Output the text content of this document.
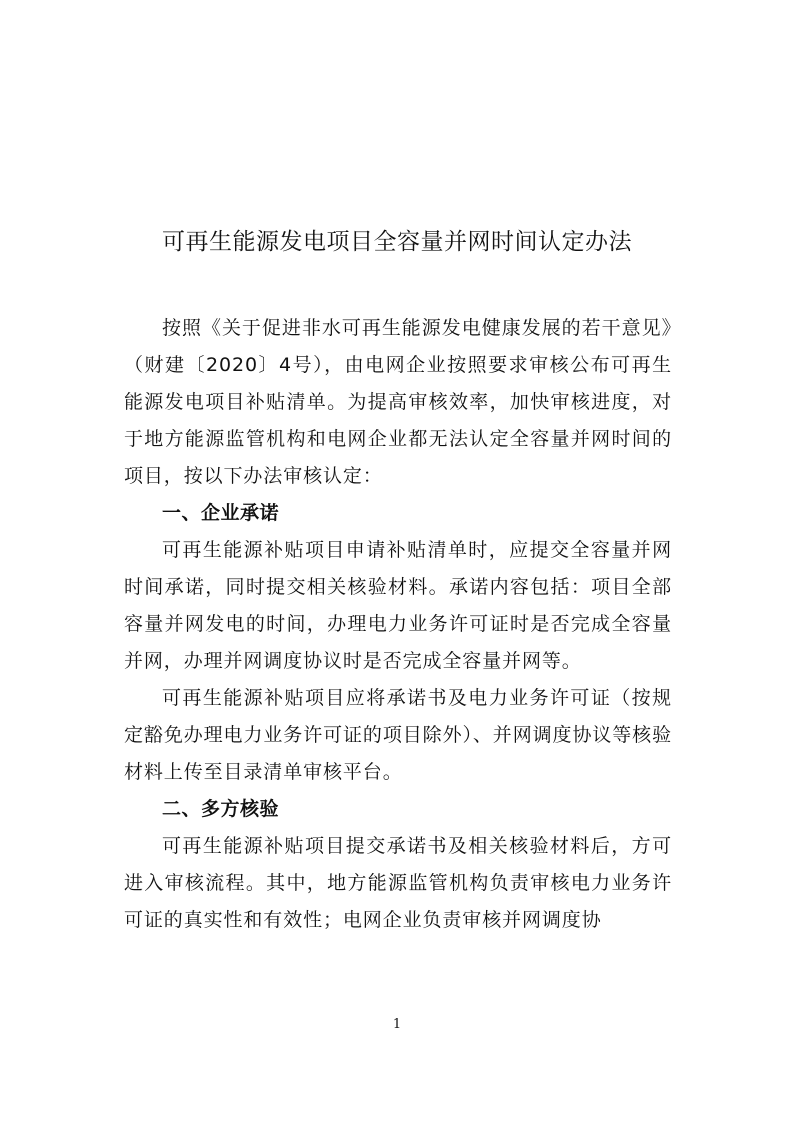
可再生能源发电项目全容量并网时间认定办法

按照《关于促进非水可再生能源发电健康发展的若干意见》（财建〔2020〕4号），由电网企业按照要求审核公布可再生能源发电项目补贴清单。为提高审核效率，加快审核进度，对于地方能源监管机构和电网企业都无法认定全容量并网时间的项目，按以下办法审核认定：

一、企业承诺

可再生能源补贴项目申请补贴清单时，应提交全容量并网时间承诺，同时提交相关核验材料。承诺内容包括：项目全部容量并网发电的时间，办理电力业务许可证时是否完成全容量并网，办理并网调度协议时是否完成全容量并网等。

可再生能源补贴项目应将承诺书及电力业务许可证（按规定豁免办理电力业务许可证的项目除外）、并网调度协议等核验材料上传至目录清单审核平台。

二、多方核验

可再生能源补贴项目提交承诺书及相关核验材料后，方可进入审核流程。其中，地方能源监管机构负责审核电力业务许可证的真实性和有效性；电网企业负责审核并网调度协

1
